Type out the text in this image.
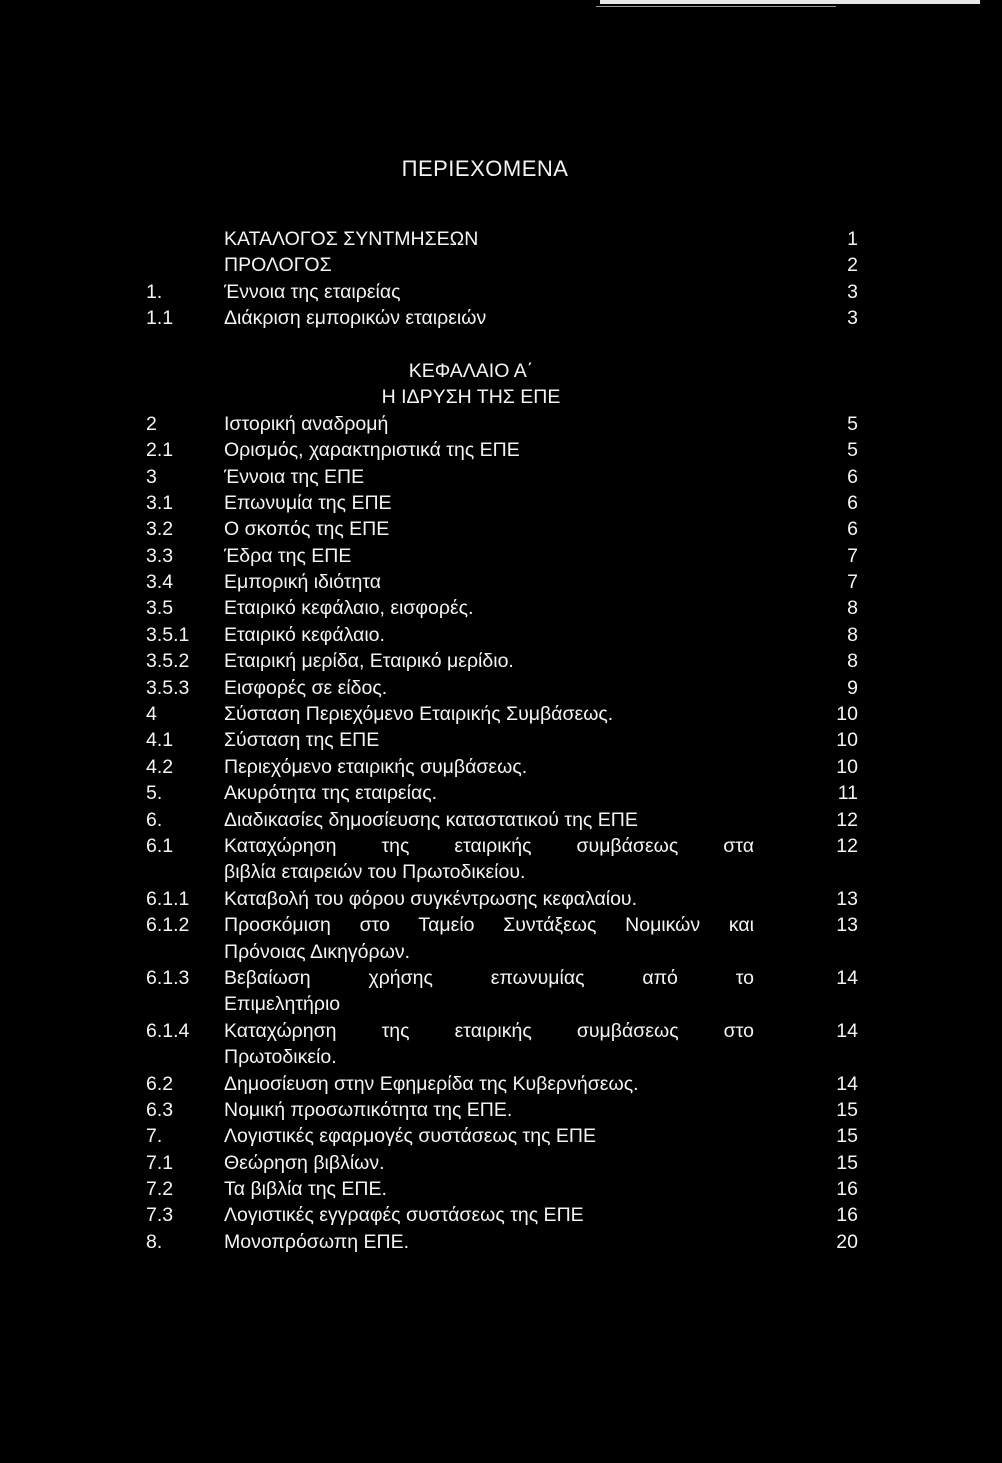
ΠΕΡΙΕΧΟΜΕΝΑ
ΚΑΤΑΛΟΓΟΣ ΣΥΝΤΜΗΣΕΩΝ	1
ΠΡΟΛΟΓΟΣ	2
1.	Έννοια της εταιρείας	3
1.1	Διάκριση εμπορικών εταιρειών	3
ΚΕΦΑΛΑΙΟ Α΄
Η ΙΔΡΥΣΗ ΤΗΣ ΕΠΕ
2	Ιστορική αναδρομή	5
2.1	Ορισμός, χαρακτηριστικά της ΕΠΕ	5
3	Έννοια της ΕΠΕ	6
3.1	Επωνυμία της ΕΠΕ	6
3.2	Ο σκοπός της ΕΠΕ	6
3.3	Έδρα της ΕΠΕ	7
3.4	Εμπορική ιδιότητα	7
3.5	Εταιρικό κεφάλαιο, εισφορές.	8
3.5.1 Εταιρικό κεφάλαιο.	8
3.5.2 Εταιρική μερίδα, Εταιρικό μερίδιο.	8
3.5.3 Εισφορές σε είδος.	9
4	Σύσταση Περιεχόμενο Εταιρικής Συμβάσεως.	10
4.1	Σύσταση της ΕΠΕ	10
4.2	Περιεχόμενο εταιρικής συμβάσεως.	10
5.	Ακυρότητα της εταιρείας.	11
6.	Διαδικασίες δημοσίευσης καταστατικού της ΕΠΕ	12
6.1	Καταχώρηση της εταιρικής συμβάσεως στα	12
βιβλία εταιρειών του Πρωτοδικείου.
6.1.1 Καταβολή του φόρου συγκέντρωσης κεφαλαίου.	13
6.1.2 Προσκόμιση στο Ταμείο Συντάξεως Νομικών και	13
Πρόνοιας Δικηγόρων.
6.1.3 Βεβαίωση χρήσης επωνυμίας από το	14
Επιμελητήριο
6.1.4 Καταχώρηση της εταιρικής συμβάσεως στο	14
Πρωτοδικείο.
6.2	Δημοσίευση στην Εφημερίδα της Κυβερνήσεως.	14
6.3	Νομική προσωπικότητα της ΕΠΕ.	15
7.	Λογιστικές εφαρμογές συστάσεως της ΕΠΕ	15
7.1	Θεώρηση βιβλίων.	15
7.2	Τα βιβλία της ΕΠΕ.	16
7.3	Λογιστικές εγγραφές συστάσεως της ΕΠΕ	16
8.	Μονοπρόσωπη ΕΠΕ.	20
